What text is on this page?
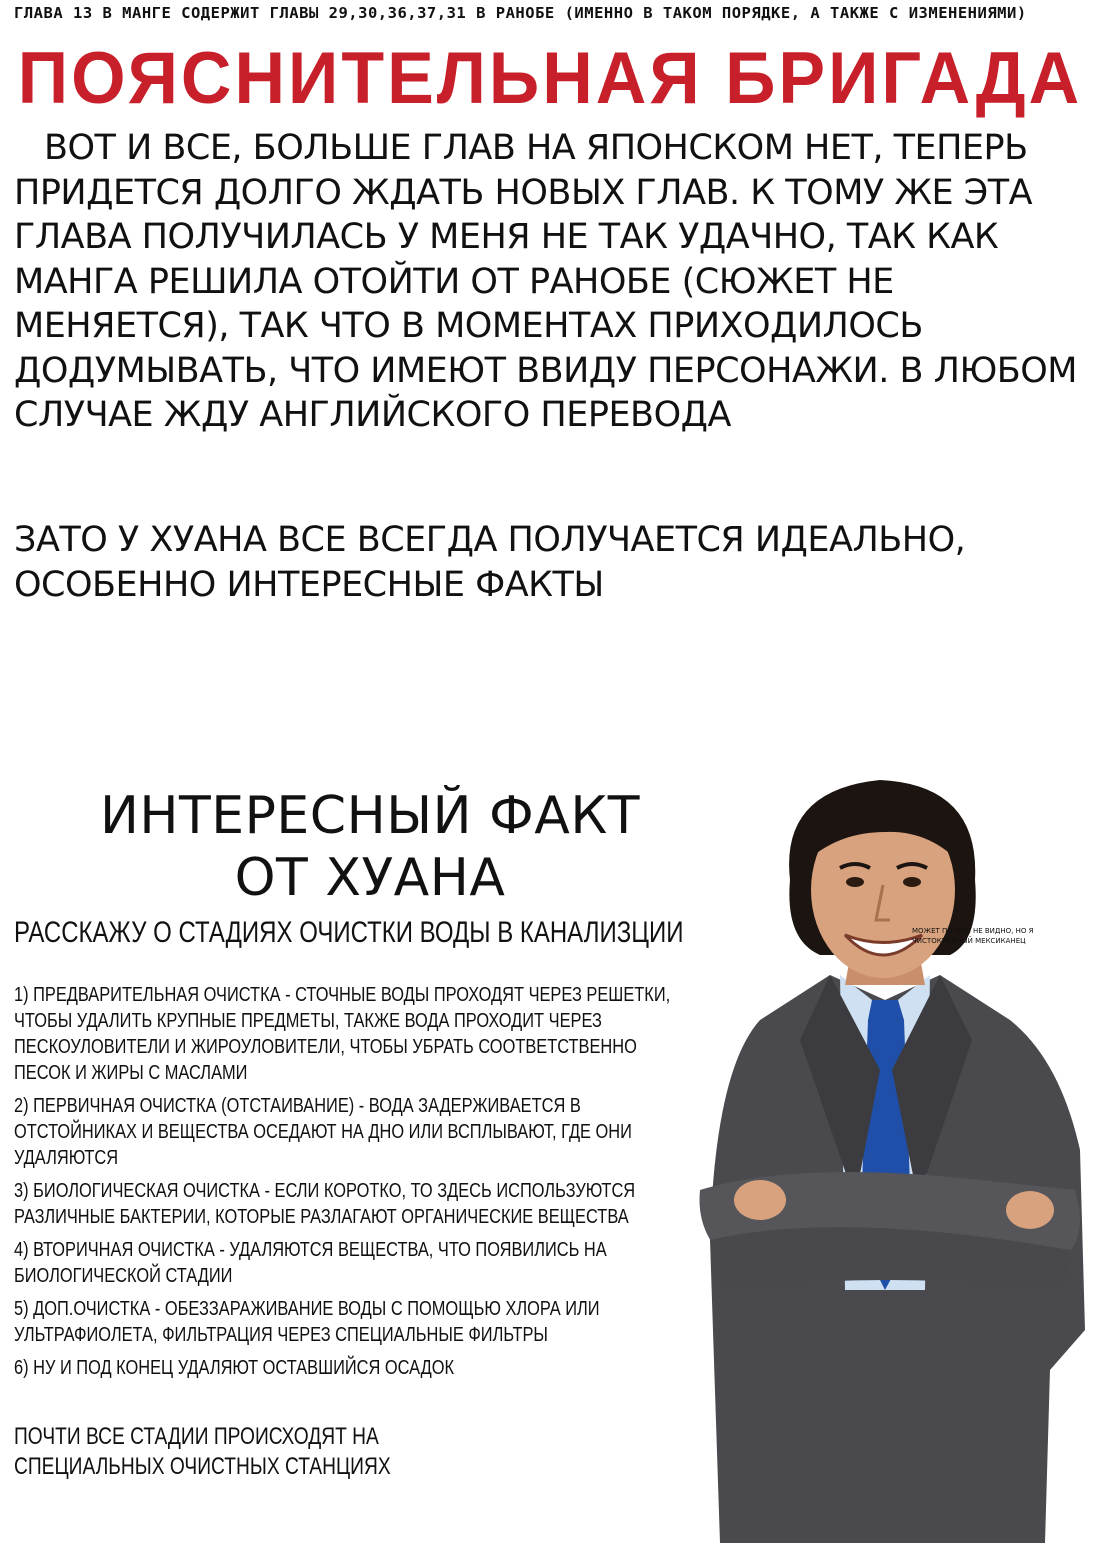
ГЛАВА 13 В МАНГЕ СОДЕРЖИТ ГЛАВЫ 29,30,36,37,31 В РАНОБЕ (ИМЕННО В ТАКОМ ПОРЯДКЕ, А ТАКЖЕ С ИЗМЕНЕНИЯМИ)
ПОЯСНИТЕЛЬНАЯ БРИГАДА
ВОТ И ВСЕ, БОЛЬШЕ ГЛАВ НА ЯПОНСКОМ НЕТ, ТЕПЕРЬ
ПРИДЕТСЯ ДОЛГО ЖДАТЬ НОВЫХ ГЛАВ. К ТОМУ ЖЕ ЭТА
ГЛАВА ПОЛУЧИЛАСЬ У МЕНЯ НЕ ТАК УДАЧНО, ТАК КАК
МАНГА РЕШИЛА ОТОЙТИ ОТ РАНОБЕ (СЮЖЕТ НЕ
МЕНЯЕТСЯ), ТАК ЧТО В МОМЕНТАХ ПРИХОДИЛОСЬ
ДОДУМЫВАТЬ, ЧТО ИМЕЮТ ВВИДУ ПЕРСОНАЖИ. В ЛЮБОМ
СЛУЧАЕ ЖДУ АНГЛИЙСКОГО ПЕРЕВОДА
ЗАТО У ХУАНА ВСЕ ВСЕГДА ПОЛУЧАЕТСЯ ИДЕАЛЬНО,
ОСОБЕННО ИНТЕРЕСНЫЕ ФАКТЫ
ИНТЕРЕСНЫЙ ФАКТ
ОТ ХУАНА
РАССКАЖУ О СТАДИЯХ ОЧИСТКИ ВОДЫ В КАНАЛИЗЦИИ	МОЖЕТ ПО МНЕ НЕ ВИДНО, НО Я ЧИСТОКРОВНЫЙ МЕКСИКАНЕЦ
1) ПРЕДВАРИТЕЛЬНАЯ ОЧИСТКА - СТОЧНЫЕ ВОДЫ ПРОХОДЯТ ЧЕРЕЗ РЕШЕТКИ, ЧТОБЫ УДАЛИТЬ КРУПНЫЕ ПРЕДМЕТЫ, ТАКЖЕ ВОДА ПРОХОДИТ ЧЕРЕЗ ПЕСКОУЛОВИТЕЛИ И ЖИРОУЛОВИТЕЛИ, ЧТОБЫ УБРАТЬ СООТВЕТСТВЕННО ПЕСОК И ЖИРЫ С МАСЛАМИ
2) ПЕРВИЧНАЯ ОЧИСТКА (ОТСТАИВАНИЕ) - ВОДА ЗАДЕРЖИВАЕТСЯ В ОТСТОЙНИКАХ И ВЕЩЕСТВА ОСЕДАЮТ НА ДНО ИЛИ ВСПЛЫВАЮТ, ГДЕ ОНИ УДАЛЯЮТСЯ
3) БИОЛОГИЧЕСКАЯ ОЧИСТКА - ЕСЛИ КОРОТКО, ТО ЗДЕСЬ ИСПОЛЬЗУЮТСЯ РАЗЛИЧНЫЕ БАКТЕРИИ, КОТОРЫЕ РАЗЛАГАЮТ ОРГАНИЧЕСКИЕ ВЕЩЕСТВА
4) ВТОРИЧНАЯ ОЧИСТКА - УДАЛЯЮТСЯ ВЕЩЕСТВА, ЧТО ПОЯВИЛИСЬ НА БИОЛОГИЧЕСКОЙ СТАДИИ
5) ДОП.ОЧИСТКА - ОБЕЗЗАРАЖИВАНИЕ ВОДЫ С ПОМОЩЬЮ ХЛОРА ИЛИ УЛЬТРАФИОЛЕТА, ФИЛЬТРАЦИЯ ЧЕРЕЗ СПЕЦИАЛЬНЫЕ ФИЛЬТРЫ
6) НУ И ПОД КОНЕЦ УДАЛЯЮТ ОСТАВШИЙСЯ ОСАДОК
ПОЧТИ ВСЕ СТАДИИ ПРОИСХОДЯТ НА
СПЕЦИАЛЬНЫХ ОЧИСТНЫХ СТАНЦИЯХ
